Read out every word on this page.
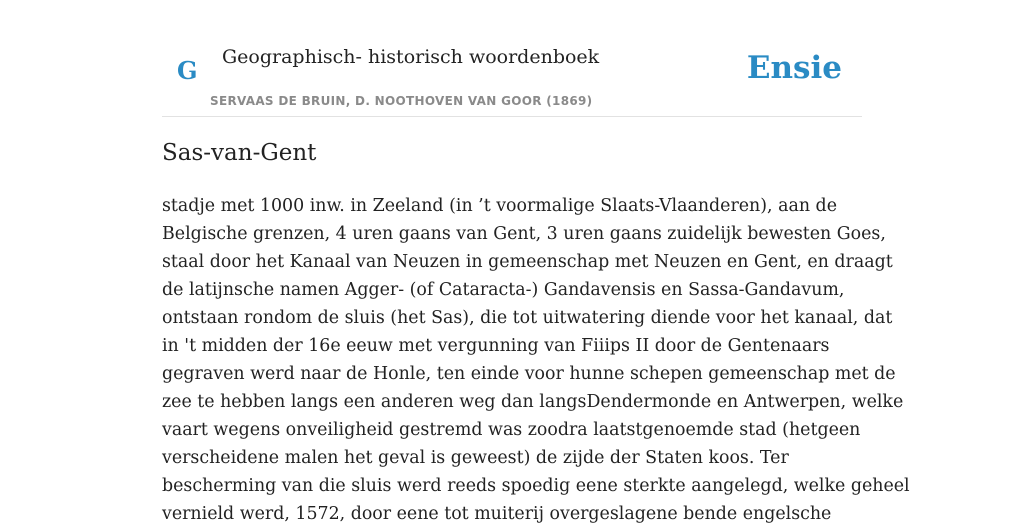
G Geographisch- historisch woordenboek
SERVAAS DE BRUIN, D. NOOTHOVEN VAN GOOR (1869)
Ensie
Sas-van-Gent

stadje met 1000 inw. in Zeeland (in ’t voormalige Slaats-Vlaanderen), aan de
Belgische grenzen, 4 uren gaans van Gent, 3 uren gaans zuidelijk bewesten Goes,
staal door het Kanaal van Neuzen in gemeenschap met Neuzen en Gent, en draagt
de latijnsche namen Agger- (of Cataracta-) Gandavensis en Sassa-Gandavum,
ontstaan rondom de sluis (het Sas), die tot uitwatering diende voor het kanaal, dat
in 't midden der 16e eeuw met vergunning van Fiiips II door de Gentenaars
gegraven werd naar de Honle, ten einde voor hunne schepen gemeenschap met de
zee te hebben langs een anderen weg dan langsDendermonde en Antwerpen, welke
vaart wegens onveiligheid gestremd was zoodra laatstgenoemde stad (hetgeen
verscheidene malen het geval is geweest) de zijde der Staten koos. Ter
bescherming van die sluis werd reeds spoedig eene sterkte aangelegd, welke geheel
vernield werd, 1572, door eene tot muiterij overgeslagene bende engelsche
